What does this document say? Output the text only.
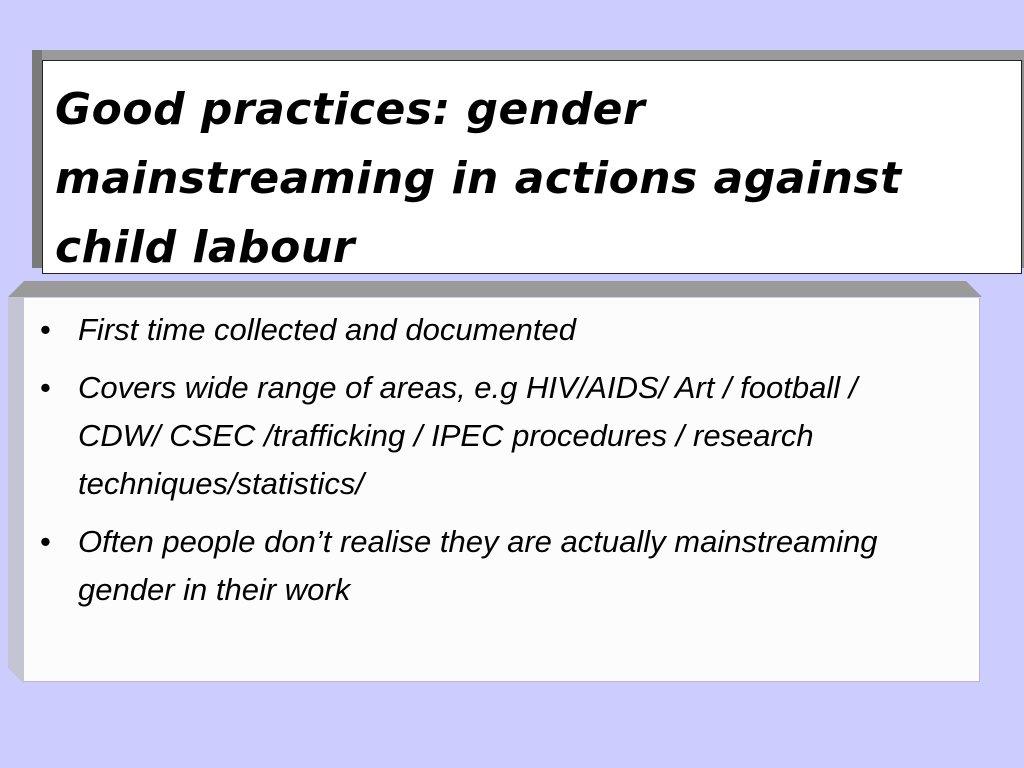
Good practices: gender
mainstreaming in actions against
child labour
• First time collected and documented
• Covers wide range of areas, e.g HIV/AIDS/ Art / football / CDW/ CSEC /trafficking / IPEC procedures / research techniques/statistics/
• Often people don’t realise they are actually mainstreaming gender in their work
